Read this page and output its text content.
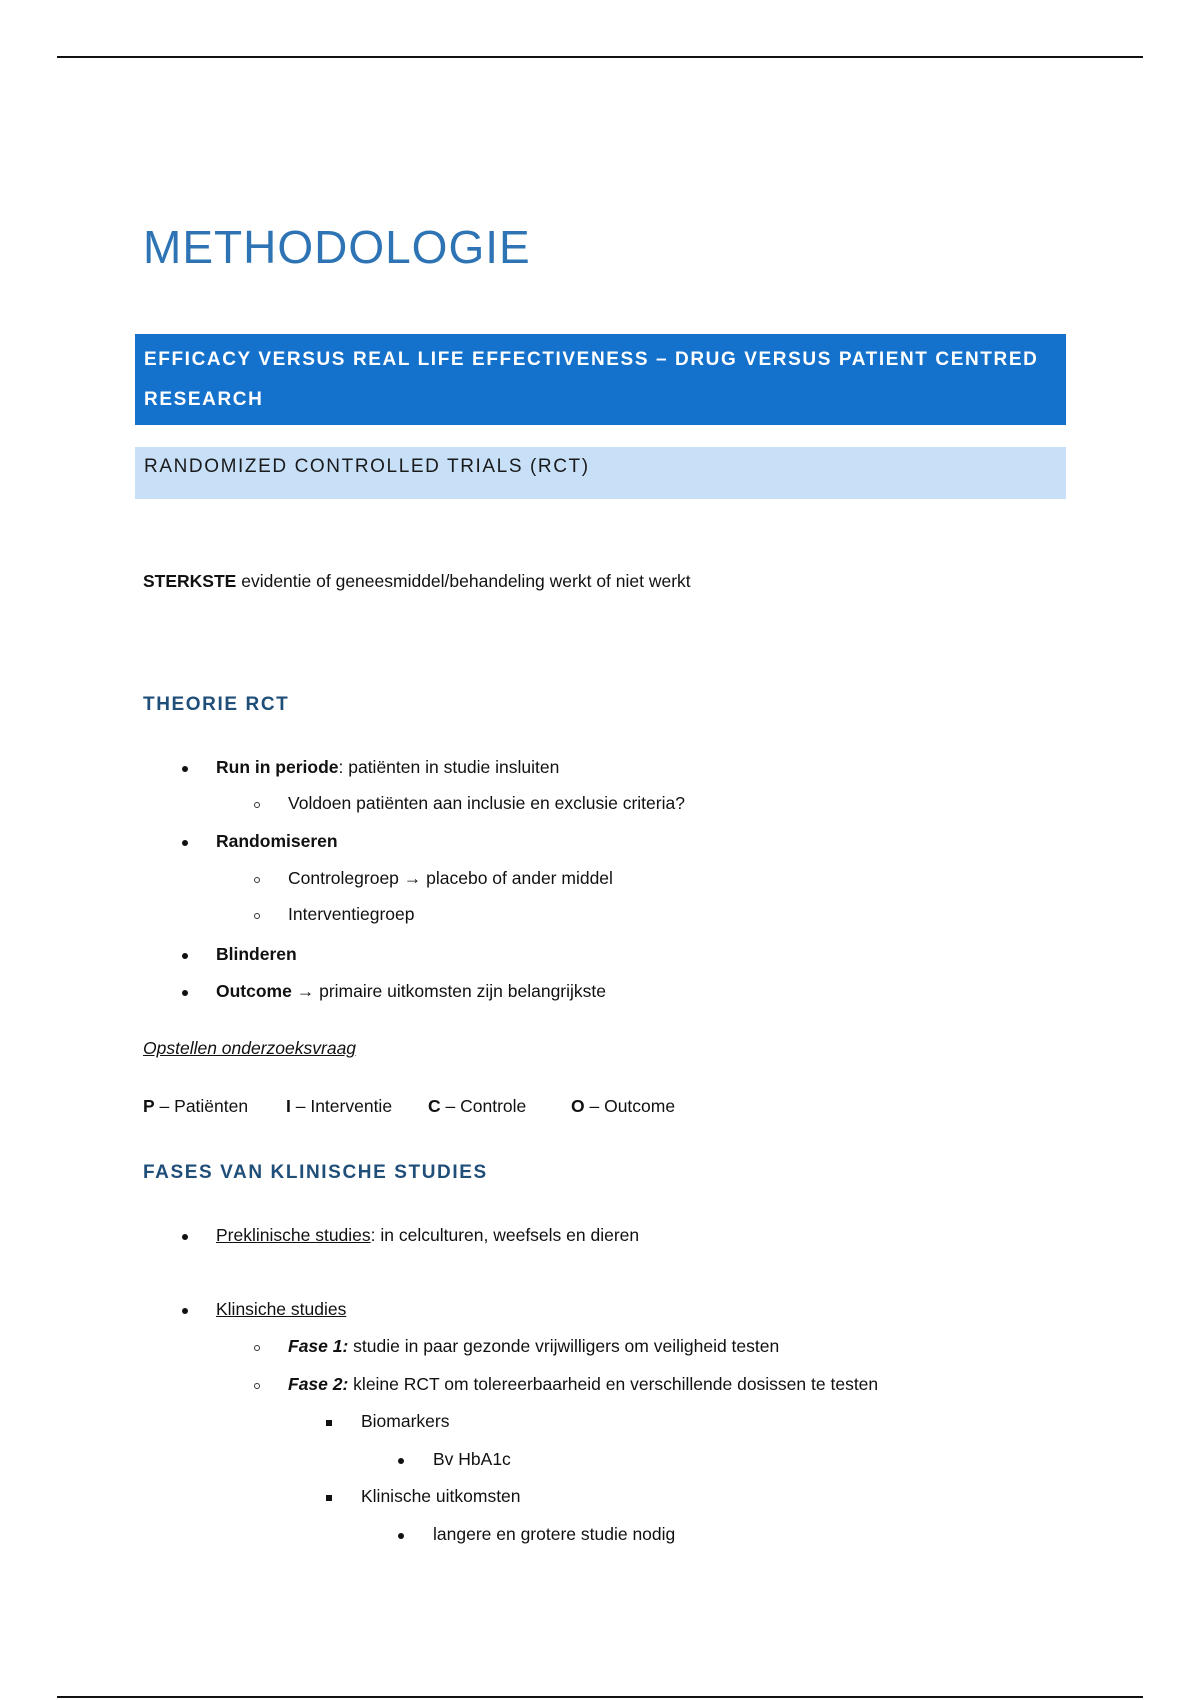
METHODOLOGIE
EFFICACY VERSUS REAL LIFE EFFECTIVENESS – DRUG VERSUS PATIENT CENTRED
RESEARCH
RANDOMIZED CONTROLLED TRIALS (RCT)
STERKSTE evidentie of geneesmiddel/behandeling werkt of niet werkt
THEORIE RCT
Run in periode: patiënten in studie insluiten
Voldoen patiënten aan inclusie en exclusie criteria?
Randomiseren
Controlegroep → placebo of ander middel
Interventiegroep
Blinderen
Outcome → primaire uitkomsten zijn belangrijkste
Opstellen onderzoeksvraag
P – Patiënten I – Interventie C – Controle	O – Outcome
FASES VAN KLINISCHE STUDIES
Preklinische studies: in celculturen, weefsels en dieren
Klinsiche studies
Fase 1: studie in paar gezonde vrijwilligers om veiligheid testen
Fase 2: kleine RCT om tolereerbaarheid en verschillende dosissen te testen
Biomarkers
Bv HbA1c
Klinische uitkomsten
langere en grotere studie nodig
